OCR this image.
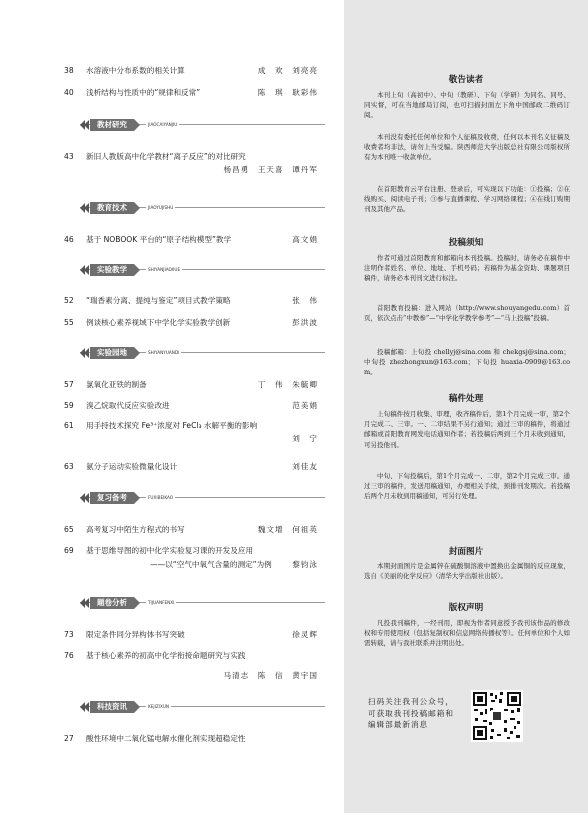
38	水溶液中分布系数的相关计算	成　欢　刘亮亮
40	浅析结构与性质中的“规律和反常”	陈　琪　耿彩伟
教材研究	JIAOCAIYANJIU
43	新旧人教版高中化学教材“离子反应”的对比研究
杨昌勇　王天喜　谭丹军
教育技术	JIAOYUJISHU
46	基于 NOBOOK 平台的“原子结构模型”教学	高文娟
实验教学	SHIYANJIAOXUE
52	“瑞香素分离、提纯与鉴定”项目式教学策略	张　伟
55	例谈核心素养视域下中学化学实验教学创新	彭洪波
实验园地	SHIYANYUANDI
57	氯氧化亚铁的制备	丁　伟　朱毓卿
59	溴乙烷取代反应实验改进	范美娟
61	用手持技术探究 Fe³⁺浓度对 FeCl₃ 水解平衡的影响
刘　宁
63	氨分子运动实验微量化设计	刘佳友
复习备考	FUXIBEIKAO
65	高考复习中陌生方程式的书写	魏文增　何祖英
69	基于思维导图的初中化学实验复习课的开发及应用
——以“空气中氧气含量的测定”为例	黎钧泳
题卷分析	TIJUANFENXI
73	限定条件同分异构体书写突破	徐灵辉
76	基于核心素养的初高中化学衔接命题研究与实践
马清志　陈　信　黄宇国
科技资讯	KEJIZIXUN
27	酸性环境中二氧化锰电解水催化剂实现超稳定性
敬告读者
本刊上旬（高初中）、中旬（教研）、下旬（学研）为同名、同号、同实督，可在当地邮局订阅，也可扫描封面左下角中国邮政二维码订阅。
本刊没有委托任何单位和个人征稿及收费，任何以本刊名义征稿及收费者均非法，请勿上当受骗。陕西师范大学出版总社有限公司版权所有为本刊唯一收款单位。
在首阳教育云平台注册、登录后，可实现以下功能：①投稿；②在线购买、阅读电子刊；③参与直播课程、学习网络课程；④在线订购期刊及其他产品。
投稿须知
作者可通过首阳教育和邮箱向本刊投稿。投稿时，请务必在稿件中注明作者姓名、单位、地址、手机号码；若稿件为基金资助、课题项目稿件，请务必本刊刊文进行标注。
首阳教育投稿：进入网站（http://www.shouyangedu.com）首页，依次点击“中教参”—“中学化学教学参考”—“马上投稿”投稿。
投稿邮箱：上旬投 chellyj@sina.com 和 chekgsj@sina.com；中旬投 zhezhongxun@163.com；下旬投 huaxia-0909@163.com。
稿件处理
上旬稿件按月收集、审理，收齐稿件后，第1个月完成一审，第2个月完成二、三审。一、二审结果不另行通知；通过三审的稿件，将通过邮箱或首阳教育网发电话通知作者；若投稿后两到三个月未收到通知，可另投他刊。
中旬、下旬投稿后，第1个月完成一、二审，第2个月完成三审。通过三审的稿件，发送用稿通知，办理相关手续，预排刊发期次。若投稿后两个月未收到用稿通知，可另行处理。
封面图片
本期封面图片是金属锌在硫酸铜溶液中置换出金属铜的反应现象，选自《美丽的化学反应》（清华大学出版社出版）。
版权声明
凡投我刊稿件，一经刊用，即视为作者同意授予我刊该作品的修改权和专用使用权（包括复制权和信息网络传播权等）。任何单位和个人如需转载，请与我社联系并注明出处。
扫码关注我刊公众号，可获取我刊投稿邮箱和编辑部最新消息
